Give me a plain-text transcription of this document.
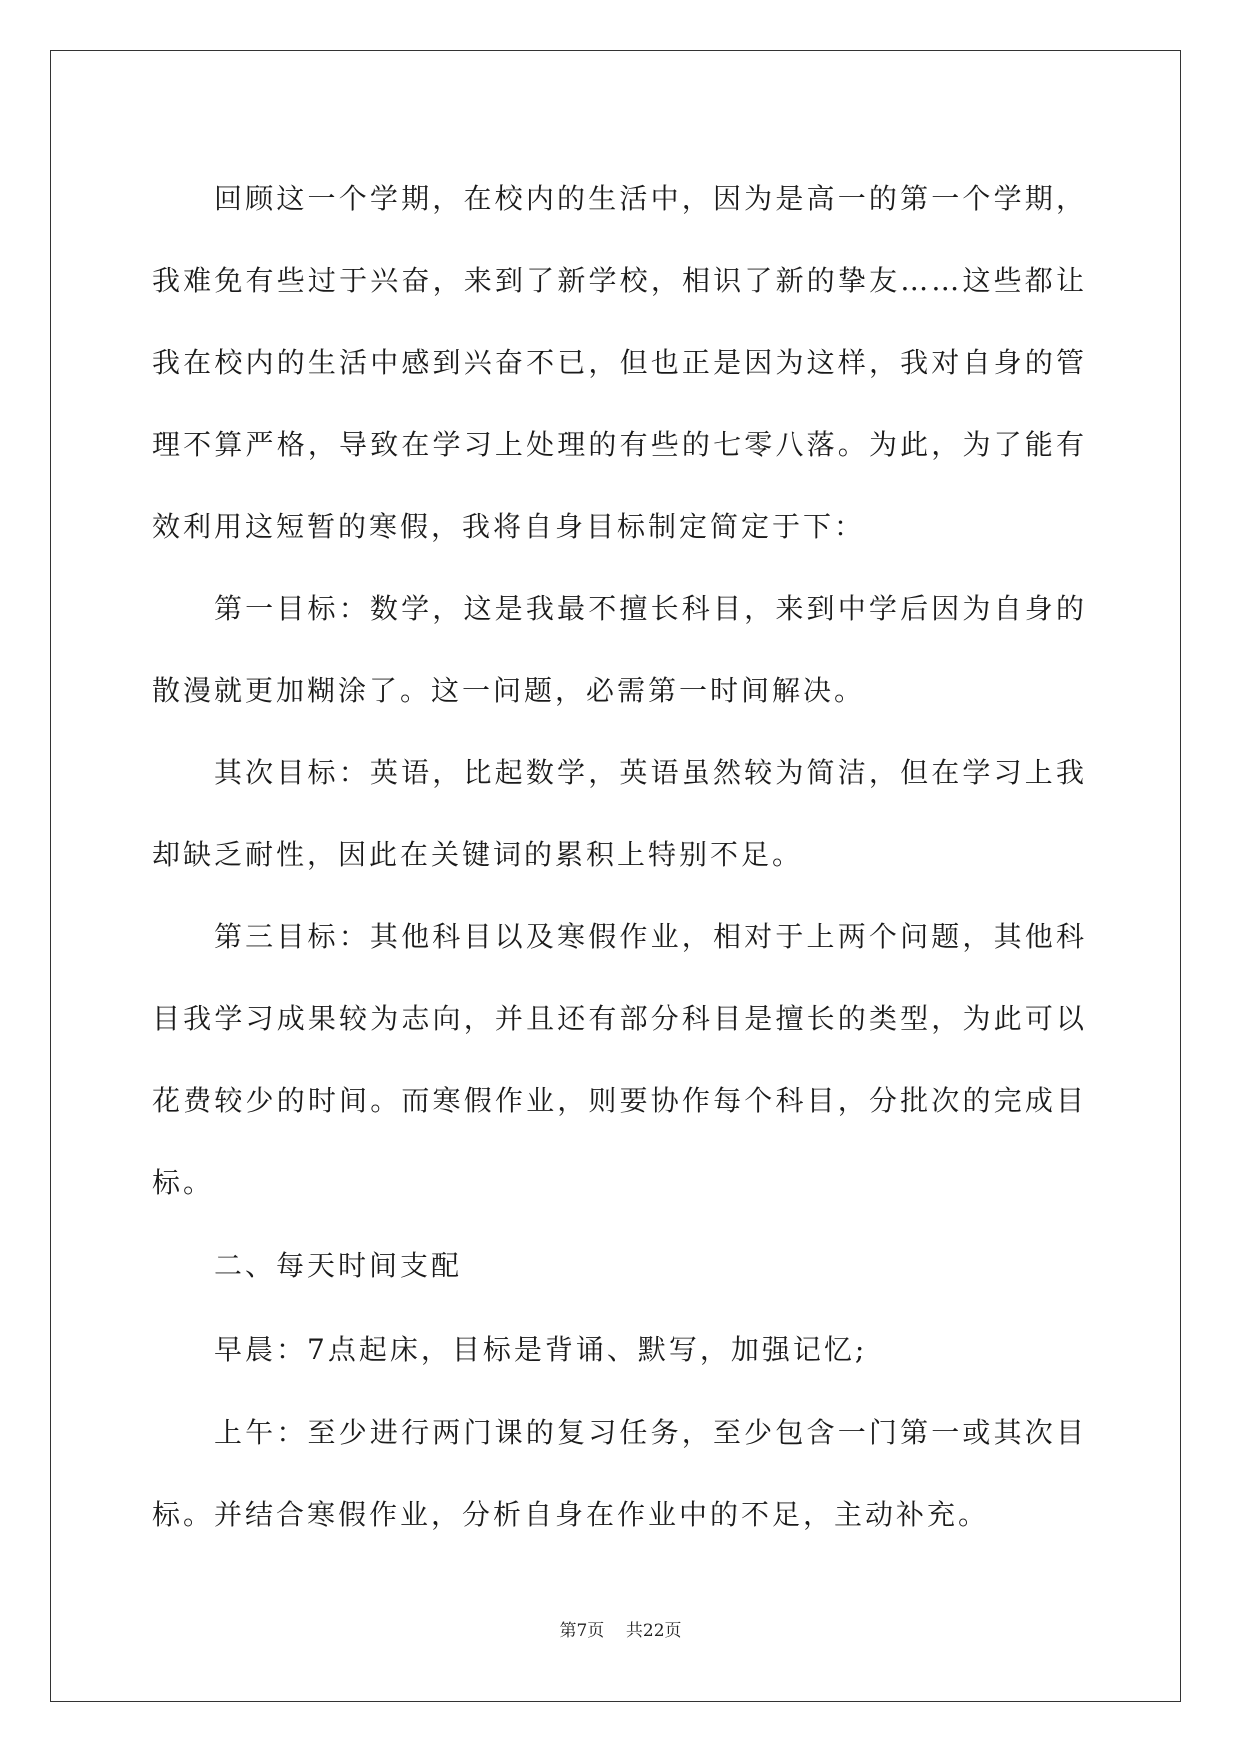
回顾这一个学期，在校内的生活中，因为是高一的第一个学期，我难免有些过于兴奋，来到了新学校，相识了新的挚友……这些都让我在校内的生活中感到兴奋不已，但也正是因为这样，我对自身的管理不算严格，导致在学习上处理的有些的七零八落。为此，为了能有效利用这短暂的寒假，我将自身目标制定简定于下：

第一目标：数学，这是我最不擅长科目，来到中学后因为自身的散漫就更加糊涂了。这一问题，必需第一时间解决。

其次目标：英语，比起数学，英语虽然较为简洁，但在学习上我却缺乏耐性，因此在关键词的累积上特别不足。

第三目标：其他科目以及寒假作业，相对于上两个问题，其他科目我学习成果较为志向，并且还有部分科目是擅长的类型，为此可以花费较少的时间。而寒假作业，则要协作每个科目，分批次的完成目标。

二、每天时间支配

早晨：7点起床，目标是背诵、默写，加强记忆;

上午：至少进行两门课的复习任务，至少包含一门第一或其次目标。并结合寒假作业，分析自身在作业中的不足，主动补充。

第7页 共22页
